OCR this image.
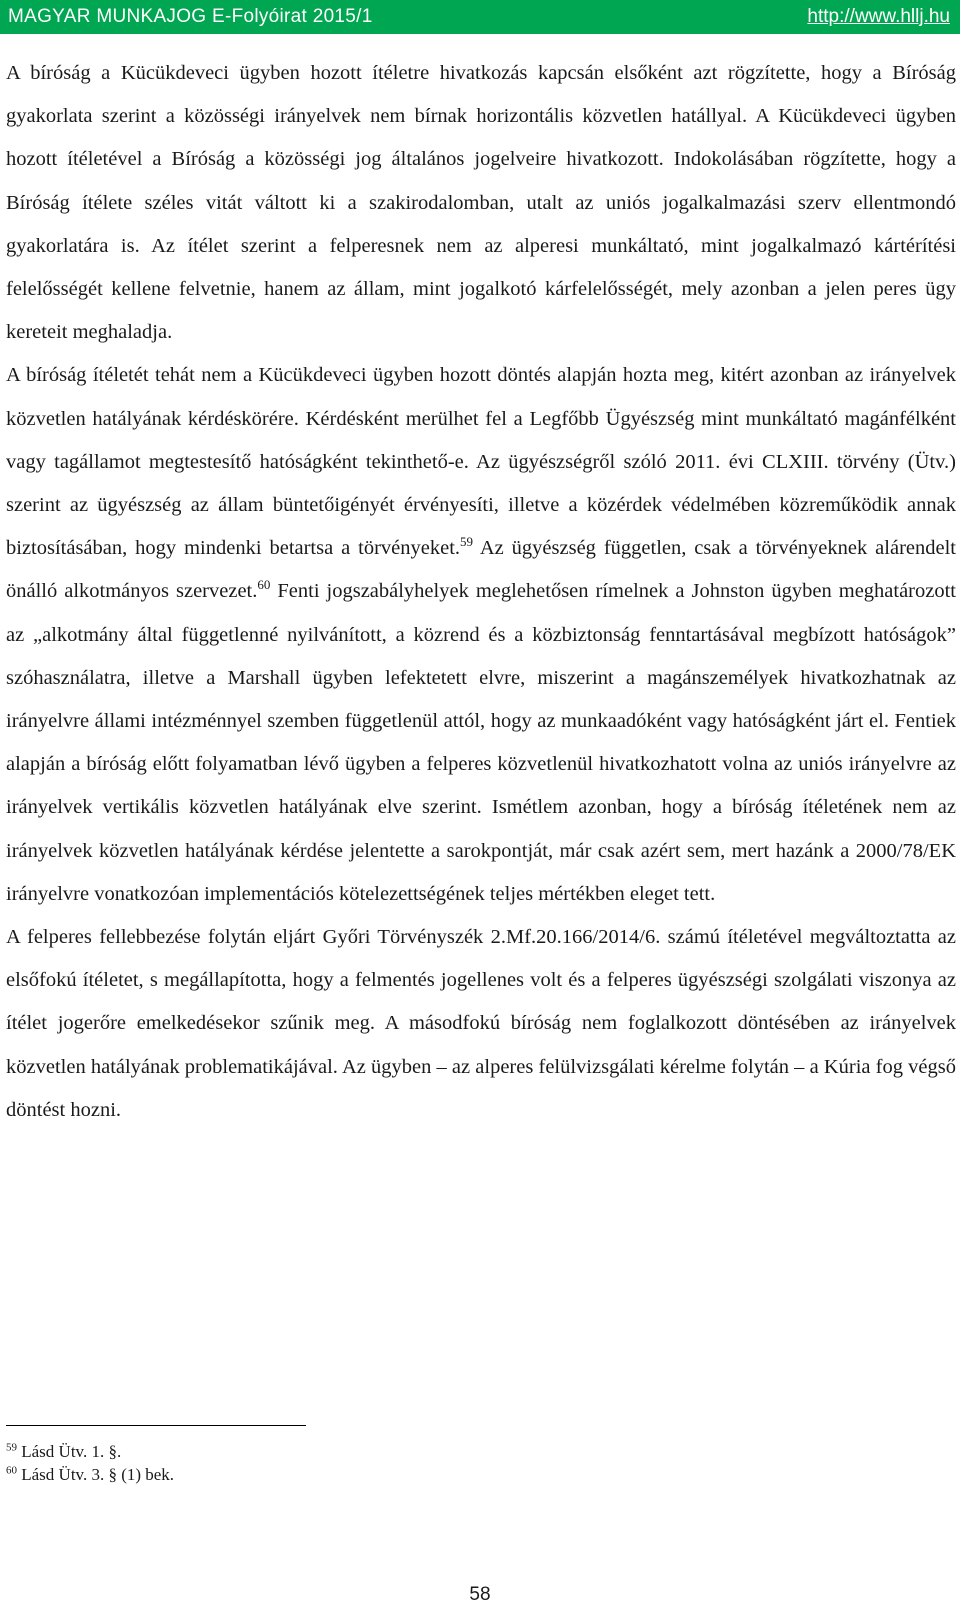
MAGYAR MUNKAJOG E-Folyóirat 2015/1	http://www.hllj.hu

A bíróság a Kücükdeveci ügyben hozott ítéletre hivatkozás kapcsán elsőként azt rögzítette, hogy a Bíróság gyakorlata szerint a közösségi irányelvek nem bírnak horizontális közvetlen hatállyal. A Kücükdeveci ügyben hozott ítéletével a Bíróság a közösségi jog általános jogelveire hivatkozott. Indokolásában rögzítette, hogy a Bíróság ítélete széles vitát váltott ki a szakirodalomban, utalt az uniós jogalkalmazási szerv ellentmondó gyakorlatára is. Az ítélet szerint a felperesnek nem az alperesi munkáltató, mint jogalkalmazó kártérítési felelősségét kellene felvetnie, hanem az állam, mint jogalkotó kárfelelősségét, mely azonban a jelen peres ügy kereteit meghaladja.

A bíróság ítéletét tehát nem a Kücükdeveci ügyben hozott döntés alapján hozta meg, kitért azonban az irányelvek közvetlen hatályának kérdéskörére. Kérdésként merülhet fel a Legfőbb Ügyészség mint munkáltató magánfélként vagy tagállamot megtestesítő hatóságként tekinthető-e. Az ügyészségről szóló 2011. évi CLXIII. törvény (Ütv.) szerint az ügyészség az állam büntetőigényét érvényesíti, illetve a közérdek védelmében közreműködik annak biztosításában, hogy mindenki betartsa a törvényeket.$^{59}$ Az ügyészség független, csak a törvényeknek alárendelt önálló alkotmányos szervezet.$^{60}$ Fenti jogszabályhelyek meglehetősen rímelnek a Johnston ügyben meghatározott az „alkotmány által függetlenné nyilvánított, a közrend és a közbiztonság fenntartásával megbízott hatóságok” szóhasználatra, illetve a Marshall ügyben lefektetett elvre, miszerint a magánszemélyek hivatkozhatnak az irányelvre állami intézménnyel szemben függetlenül attól, hogy az munkaadóként vagy hatóságként járt el. Fentiek alapján a bíróság előtt folyamatban lévő ügyben a felperes közvetlenül hivatkozhatott volna az uniós irányelvre az irányelvek vertikális közvetlen hatályának elve szerint. Ismétlem azonban, hogy a bíróság ítéletének nem az irányelvek közvetlen hatályának kérdése jelentette a sarokpontját, már csak azért sem, mert hazánk a 2000/78/EK irányelvre vonatkozóan implementációs kötelezettségének teljes mértékben eleget tett.

A felperes fellebbezése folytán eljárt Győri Törvényszék 2.Mf.20.166/2014/6. számú ítéletével megváltoztatta az elsőfokú ítéletet, s megállapította, hogy a felmentés jogellenes volt és a felperes ügyészségi szolgálati viszonya az ítélet jogerőre emelkedésekor szűnik meg. A másodfokú bíróság nem foglalkozott döntésében az irányelvek közvetlen hatályának problematikájával. Az ügyben – az alperes felülvizsgálati kérelme folytán – a Kúria fog végső döntést hozni.

$^{59}$ Lásd Ütv. 1. §.
$^{60}$ Lásd Ütv. 3. § (1) bek.
58
